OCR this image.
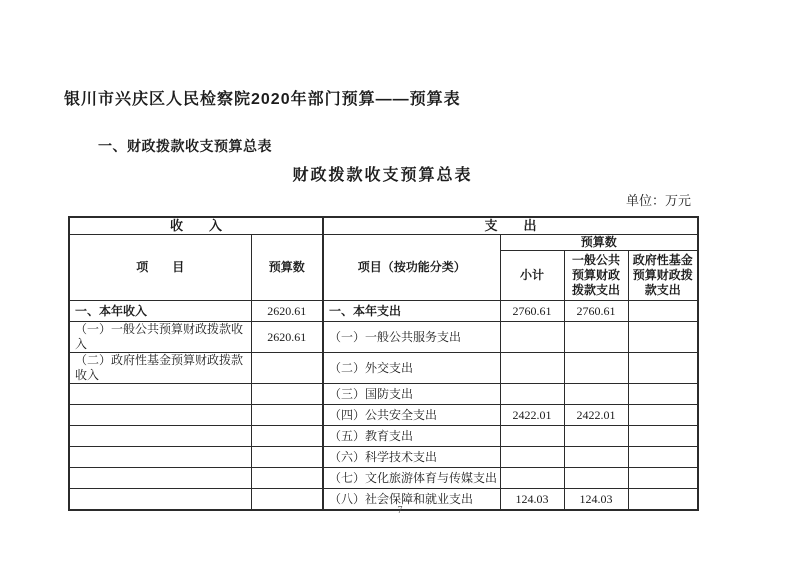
银川市兴庆区人民检察院2020年部门预算——预算表
一、财政拨款收支预算总表
财政拨款收支预算总表
单位：万元
收　　入		支　　出			
项　　目	预算数	项目（按功能分类）	预算数		
			小计	一般公共预算财政拨款支出	政府性基金预算财政拨款支出
一、本年收入	2620.61	一、本年支出	2760.61	2760.61	
（一）一般公共预算财政拨款收入	2620.61	（一）一般公共服务支出			
（二）政府性基金预算财政拨款收入		（二）外交支出			
		（三）国防支出			
		（四）公共安全支出	2422.01	2422.01	
		（五）教育支出			
		（六）科学技术支出			
		（七）文化旅游体育与传媒支出			
		（八）社会保障和就业支出	124.03	124.03	
7
